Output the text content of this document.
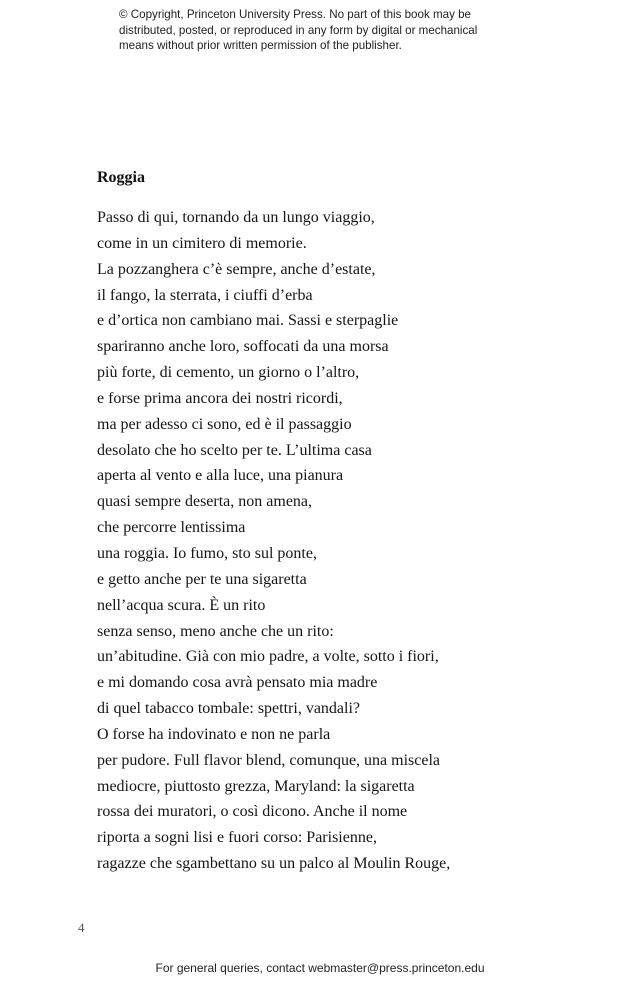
© Copyright, Princeton University Press. No part of this book may be
distributed, posted, or reproduced in any form by digital or mechanical
means without prior written permission of the publisher.
Roggia
Passo di qui, tornando da un lungo viaggio,
come in un cimitero di memorie.
La pozzanghera c’è sempre, anche d’estate,
il fango, la sterrata, i ciuffi d’erba
e d’ortica non cambiano mai. Sassi e sterpaglie
spariranno anche loro, soffocati da una morsa
più forte, di cemento, un giorno o l’altro,
e forse prima ancora dei nostri ricordi,
ma per adesso ci sono, ed è il passaggio
desolato che ho scelto per te. L’ultima casa
aperta al vento e alla luce, una pianura
quasi sempre deserta, non amena,
che percorre lentissima
una roggia. Io fumo, sto sul ponte,
e getto anche per te una sigaretta
nell’acqua scura. È un rito
senza senso, meno anche che un rito:
un’abitudine. Già con mio padre, a volte, sotto i fiori,
e mi domando cosa avrà pensato mia madre
di quel tabacco tombale: spettri, vandali?
O forse ha indovinato e non ne parla
per pudore. Full flavor blend, comunque, una miscela
mediocre, piuttosto grezza, Maryland: la sigaretta
rossa dei muratori, o così dicono. Anche il nome
riporta a sogni lisi e fuori corso: Parisienne,
ragazze che sgambettano su un palco al Moulin Rouge,
4
For general queries, contact webmaster@press.princeton.edu
